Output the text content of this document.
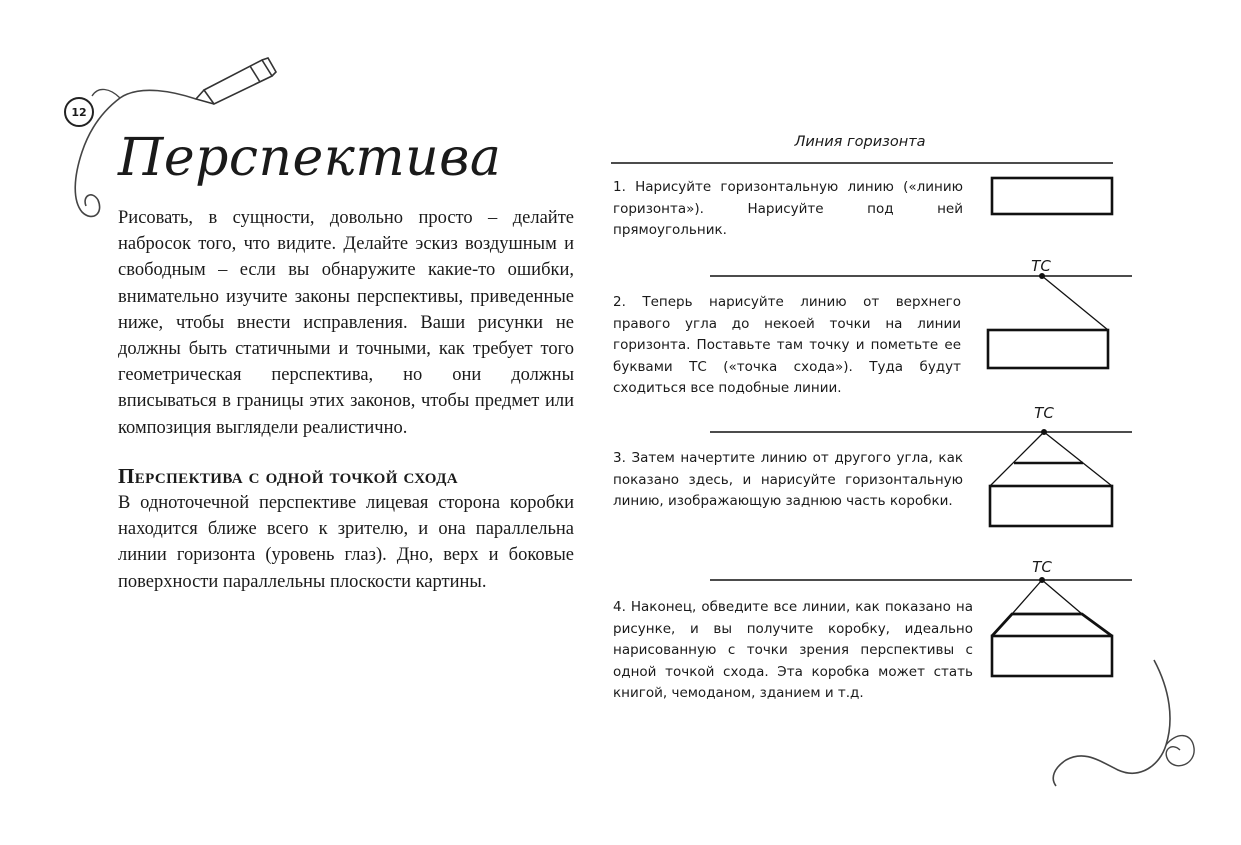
12
Перспектива

Рисовать, в сущности, довольно просто – делайте набросок того, что видите. Делайте эскиз воздушным и свободным – если вы обнаружите какие-то ошибки, внимательно изучите законы перспективы, приведенные ниже, чтобы внести исправления. Ваши рисунки не должны быть статичными и точными, как требует того геометрическая перспектива, но они должны вписываться в границы этих законов, чтобы предмет или композиция выглядели реалистично.

Перспектива с одной точкой схода

В одноточечной перспективе лицевая сторона коробки находится ближе всего к зрителю, и она параллельна линии горизонта (уровень глаз). Дно, верх и боковые поверхности параллельны плоскости картины.

Линия горизонта
ТС
ТС
ТС

1. Нарисуйте горизонтальную линию («линию горизонта»). Нарисуйте под ней прямоугольник.

2. Теперь нарисуйте линию от верхнего правого угла до некоей точки на линии горизонта. Поставьте там точку и пометьте ее буквами ТС («точка схода»). Туда будут сходиться все подобные линии.

3. Затем начертите линию от другого угла, как показано здесь, и нарисуйте горизонтальную линию, изображающую заднюю часть коробки.

4. Наконец, обведите все линии, как показано на рисунке, и вы получите коробку, идеально нарисованную с точки зрения перспективы с одной точкой схода. Эта коробка может стать книгой, чемоданом, зданием и т.д.
